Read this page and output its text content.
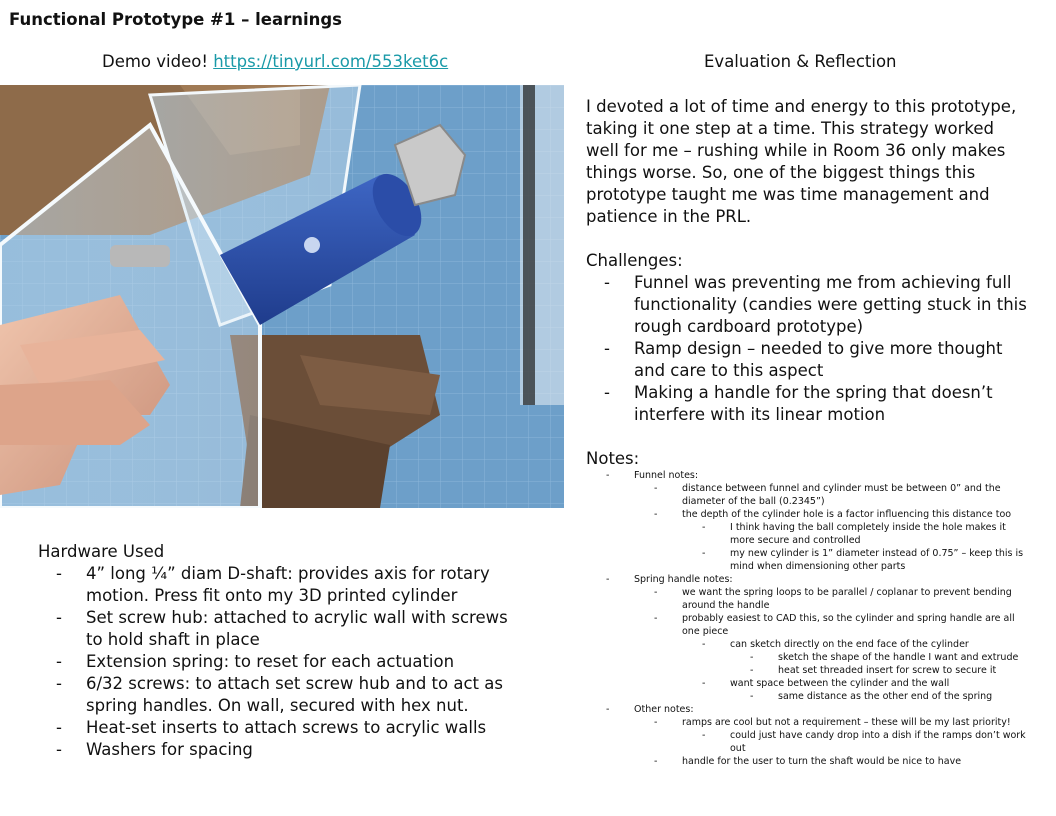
Functional Prototype #1 – learnings
Demo video! https://tinyurl.com/553ket6c	Evaluation & Reflection

I devoted a lot of time and energy to this prototype, taking it one step at a time. This strategy worked well for me – rushing while in Room 36 only makes things worse. So, one of the biggest things this prototype taught me was time management and patience in the PRL.

Challenges:
- Funnel was preventing me from achieving full functionality (candies were getting stuck in this rough cardboard prototype)
- Ramp design – needed to give more thought and care to this aspect
- Making a handle for the spring that doesn’t interfere with its linear motion
Notes:
- Funnel notes:
- distance between funnel and cylinder must be between 0” and the diameter of the ball (0.2345”)
- the depth of the cylinder hole is a factor influencing this distance too
- I think having the ball completely inside the hole makes it more secure and controlled
- my new cylinder is 1” diameter instead of 0.75” – keep this is mind when dimensioning other parts
- Spring handle notes:
- we want the spring loops to be parallel / coplanar to prevent bending around the handle
- probably easiest to CAD this, so the cylinder and spring handle are all one piece
- can sketch directly on the end face of the cylinder
- sketch the shape of the handle I want and extrude
- heat set threaded insert for screw to secure it
- want space between the cylinder and the wall
- same distance as the other end of the spring
- Other notes:
- ramps are cool but not a requirement – these will be my last priority!
- could just have candy drop into a dish if the ramps don’t work out
- handle for the user to turn the shaft would be nice to have
Hardware Used
- 4” long ¼” diam D-shaft: provides axis for rotary motion. Press fit onto my 3D printed cylinder
- Set screw hub: attached to acrylic wall with screws to hold shaft in place
- Extension spring: to reset for each actuation
- 6/32 screws: to attach set screw hub and to act as spring handles. On wall, secured with hex nut.
- Heat-set inserts to attach screws to acrylic walls
- Washers for spacing
